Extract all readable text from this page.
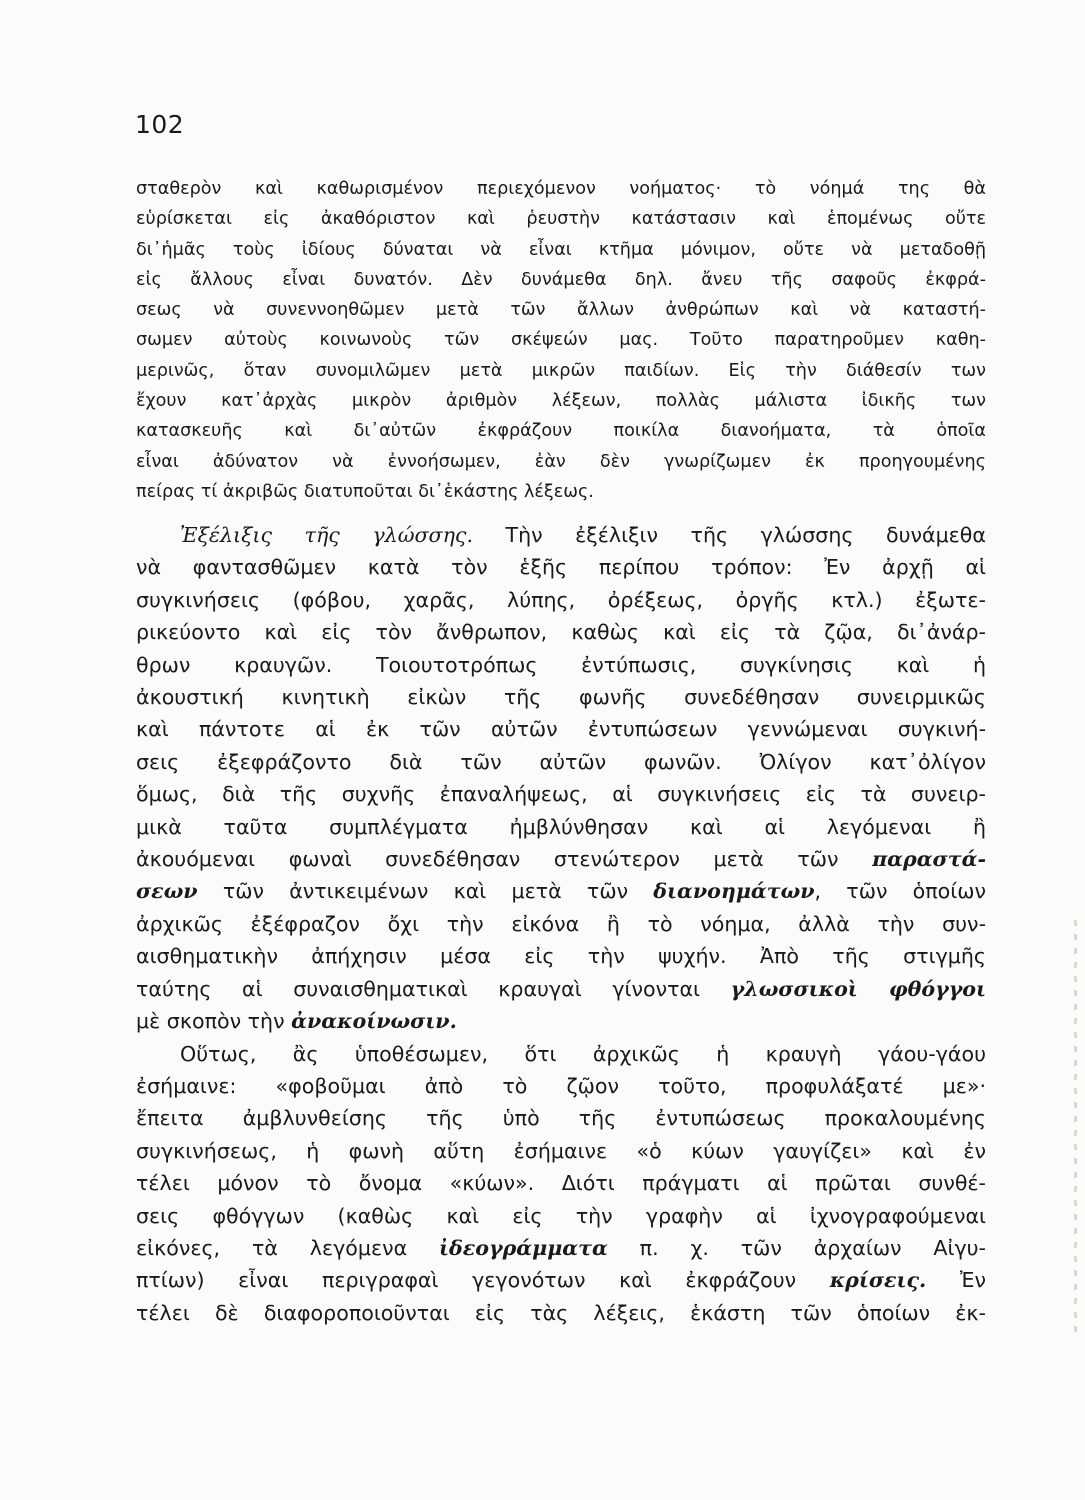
102
σταθερὸν καὶ καθωρισμένον περιεχόμενον νοήματος· τὸ νόημά της θὰ
εὑρίσκεται εἰς ἀκαθόριστον καὶ ῥευστὴν κατάστασιν καὶ ἑπομένως οὔτε
δι᾽ἡμᾶς τοὺς ἰδίους δύναται νὰ εἶναι κτῆμα μόνιμον, οὔτε νὰ μεταδοθῇ
εἰς ἄλλους εἶναι δυνατόν. Δὲν δυνάμεθα δηλ. ἄνευ τῆς σαφοῦς ἐκφρά-
σεως νὰ συνεννοηθῶμεν μετὰ τῶν ἄλλων ἀνθρώπων καὶ νὰ καταστή-
σωμεν αὐτοὺς κοινωνοὺς τῶν σκέψεών μας. Τοῦτο παρατηροῦμεν καθη-
μερινῶς, ὅταν συνομιλῶμεν μετὰ μικρῶν παιδίων. Εἰς τὴν διάθεσίν των
ἔχουν κατ᾽ἀρχὰς μικρὸν ἀριθμὸν λέξεων, πολλὰς μάλιστα ἰδικῆς των
κατασκευῆς καὶ δι᾽αὐτῶν ἐκφράζουν ποικίλα διανοήματα, τὰ ὁποῖα
εἶναι ἀδύνατον νὰ ἐννοήσωμεν, ἐὰν δὲν γνωρίζωμεν ἐκ προηγουμένης
πείρας τί ἀκριβῶς διατυποῦται δι᾽ἑκάστης λέξεως.
Ἐξέλιξις τῆς γλώσσης. Τὴν ἐξέλιξιν τῆς γλώσσης δυνάμεθα
νὰ φαντασθῶμεν κατὰ τὸν ἑξῆς περίπου τρόπον: Ἐν ἀρχῇ αἱ
συγκινήσεις (φόβου, χαρᾶς, λύπης, ὀρέξεως, ὀργῆς κτλ.) ἐξωτε-
ρικεύοντο καὶ εἰς τὸν ἄνθρωπον, καθὼς καὶ εἰς τὰ ζῷα, δι᾽ἀνάρ-
θρων κραυγῶν. Τοιουτοτρόπως ἐντύπωσις, συγκίνησις καὶ ἡ
ἀκουστική κινητικὴ εἰκὼν τῆς φωνῆς συνεδέθησαν συνειρμικῶς
καὶ πάντοτε αἱ ἐκ τῶν αὐτῶν ἐντυπώσεων γεννώμεναι συγκινή-
σεις ἐξεφράζοντο διὰ τῶν αὐτῶν φωνῶν. Ὀλίγον κατ᾽ὀλίγον
ὅμως, διὰ τῆς συχνῆς ἐπαναλήψεως, αἱ συγκινήσεις εἰς τὰ συνειρ-
μικὰ ταῦτα συμπλέγματα ἠμβλύνθησαν καὶ αἱ λεγόμεναι ἢ
ἀκουόμεναι φωναὶ συνεδέθησαν στενώτερον μετὰ τῶν παραστά-
σεων τῶν ἀντικειμένων καὶ μετὰ τῶν διανοημάτων, τῶν ὁποίων
ἀρχικῶς ἐξέφραζον ὄχι τὴν εἰκόνα ἢ τὸ νόημα, ἀλλὰ τὴν συν-
αισθηματικὴν ἀπήχησιν μέσα εἰς τὴν ψυχήν. Ἀπὸ τῆς στιγμῆς
ταύτης αἱ συναισθηματικαὶ κραυγαὶ γίνονται γλωσσικοὶ φθόγγοι
μὲ σκοπὸν τὴν ἀνακοίνωσιν.
Οὕτως, ἂς ὑποθέσωμεν, ὅτι ἀρχικῶς ἡ κραυγὴ γάου-γάου
ἐσήμαινε: «φοβοῦμαι ἀπὸ τὸ ζῷον τοῦτο, προφυλάξατέ με»·
ἔπειτα ἀμβλυνθείσης τῆς ὑπὸ τῆς ἐντυπώσεως προκαλουμένης
συγκινήσεως, ἡ φωνὴ αὕτη ἐσήμαινε «ὁ κύων γαυγίζει» καὶ ἐν
τέλει μόνον τὸ ὄνομα «κύων». Διότι πράγματι αἱ πρῶται συνθέ-
σεις φθόγγων (καθὼς καὶ εἰς τὴν γραφὴν αἱ ἰχνογραφούμεναι
εἰκόνες, τὰ λεγόμενα ἰδεογράμματα π. χ. τῶν ἀρχαίων Αἰγυ-
πτίων) εἶναι περιγραφαὶ γεγονότων καὶ ἐκφράζουν κρίσεις. Ἐν
τέλει δὲ διαφοροποιοῦνται εἰς τὰς λέξεις, ἑκάστη τῶν ὁποίων ἐκ-
